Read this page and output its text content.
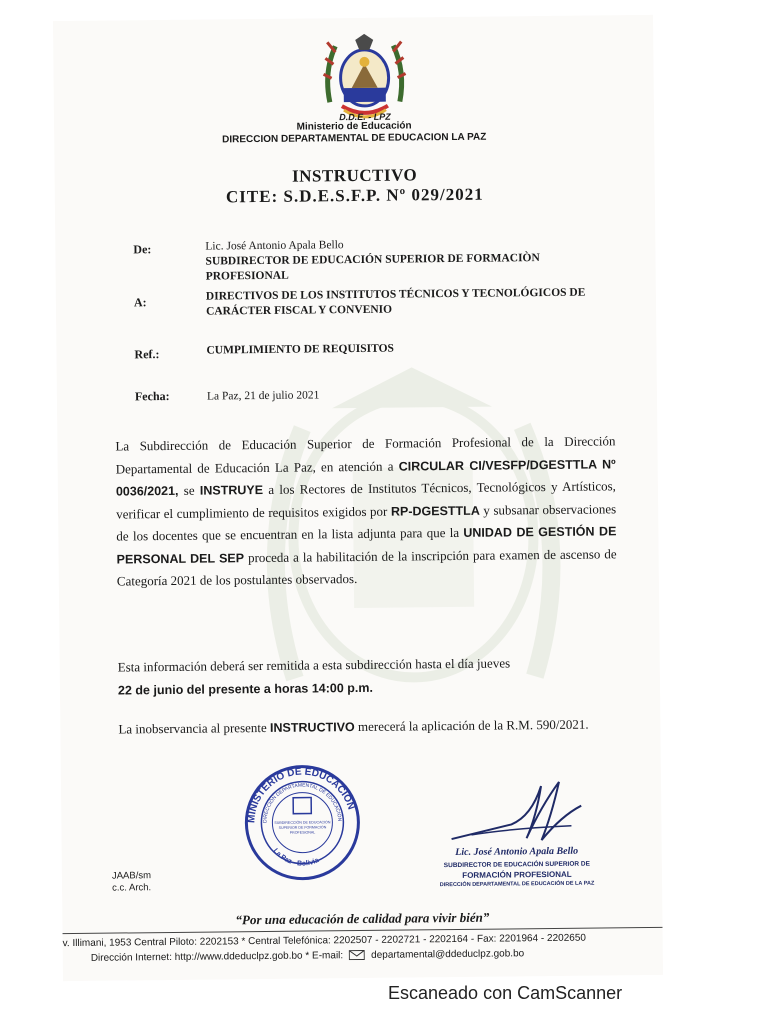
D.D.E. - LPZ
Ministerio de Educación
DIRECCION DEPARTAMENTAL DE EDUCACION LA PAZ
INSTRUCTIVO
CITE: S.D.E.S.F.P. Nº 029/2021
De:	Lic. José Antonio Apala Bello
SUBDIRECTOR DE EDUCACIÓN SUPERIOR DE FORMACIÒN PROFESIONAL
A:	DIRECTIVOS DE LOS INSTITUTOS TÉCNICOS Y TECNOLÓGICOS DE CARÁCTER FISCAL Y CONVENIO
Ref.:	CUMPLIMIENTO DE REQUISITOS
Fecha:	La Paz, 21 de julio 2021
La Subdirección de Educación Superior de Formación Profesional de la Dirección Departamental de Educación La Paz, en atención a CIRCULAR CI/VESFP/DGESTTLA Nº 0036/2021, se INSTRUYE a los Rectores de Institutos Técnicos, Tecnológicos y Artísticos, verificar el cumplimiento de requisitos exigidos por RP-DGESTTLA y subsanar observaciones de los docentes que se encuentran en la lista adjunta para que la UNIDAD DE GESTIÓN DE PERSONAL DEL SEP proceda a la habilitación de la inscripción para examen de ascenso de Categoría 2021 de los postulantes observados.
Esta información deberá ser remitida a esta subdirección hasta el día jueves
22 de junio del presente a horas 14:00 p.m.
La inobservancia al presente INSTRUCTIVO merecerá la aplicación de la R.M. 590/2021.
MINISTERIO DE EDUCACIÓN
DIRECCIÓN DEPARTAMENTAL DE EDUCACIÓN
La Paz - Bolivia
SUBDIRECCIÓN DE EDUCACIÓN
SUPERIOR DE FORMACIÓN
PROFESIONAL
Lic. José Antonio Apala Bello
SUBDIRECTOR DE EDUCACIÓN SUPERIOR DE
FORMACIÓN PROFESIONAL
DIRECCIÓN DEPARTAMENTAL DE EDUCACIÓN DE LA PAZ
JAAB/sm
c.c. Arch.
“Por una educación de calidad para vivir bién”
v. Illimani, 1953 Central Piloto: 2202153 * Central Telefónica: 2202507 - 2202721 - 2202164 - Fax: 2201964 - 2202650
Dirección Internet: http://www.ddeduclpz.gob.bo * E-mail:	departamental@ddeduclpz.gob.bo
Escaneado con CamScanner
